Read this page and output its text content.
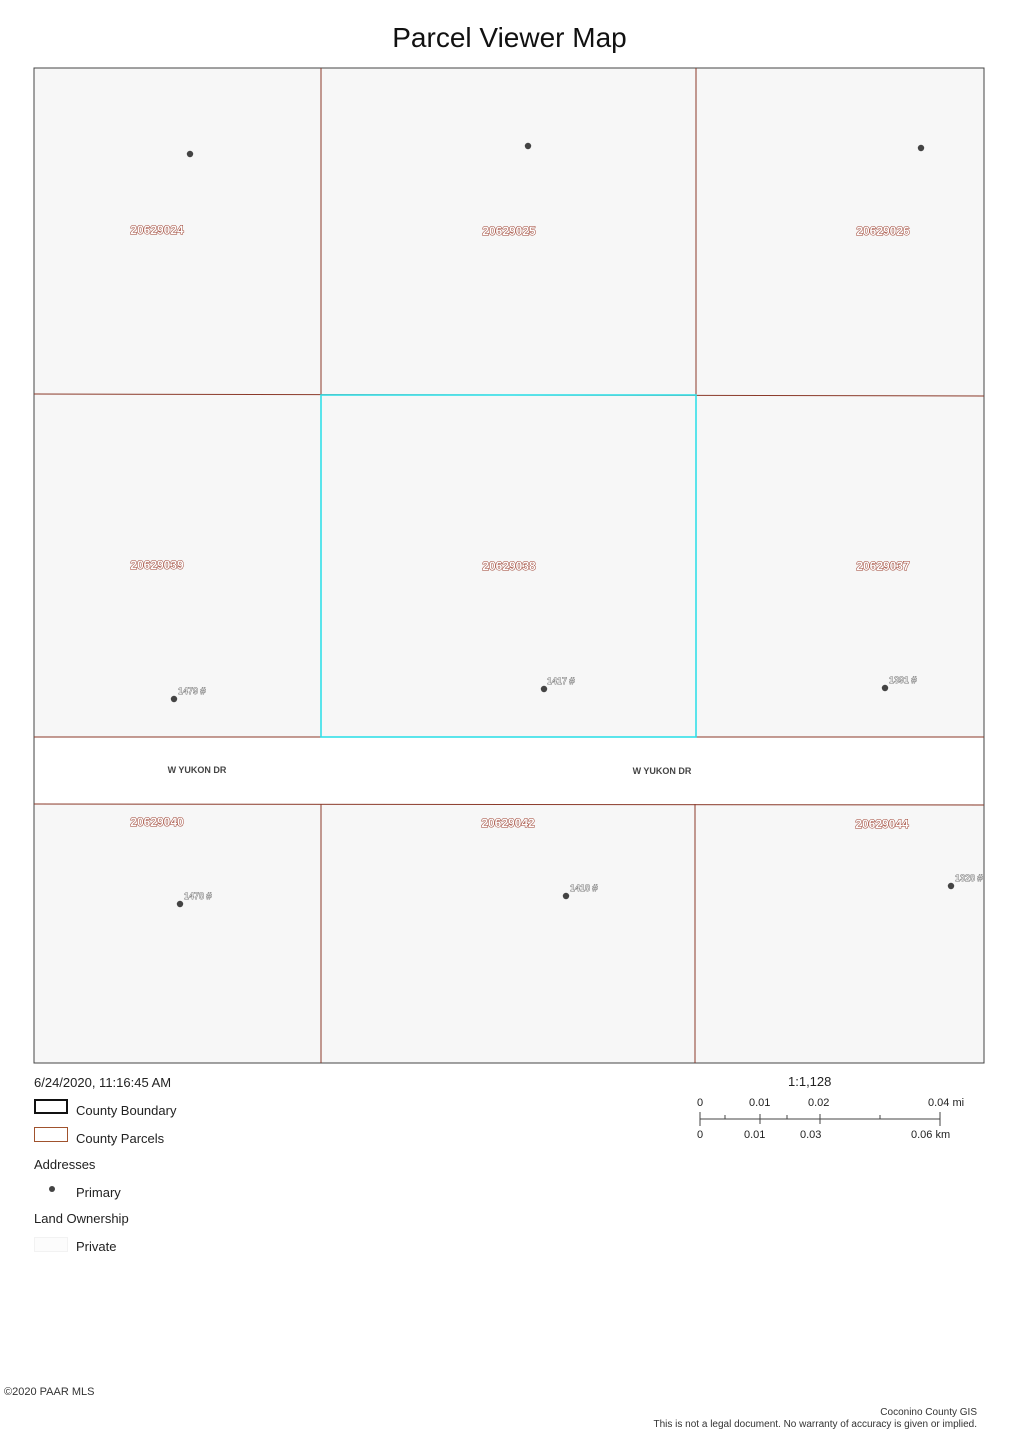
Parcel Viewer Map
20629024	20629025	20629026
20629039	20629038	20629037
20629040	20629042	20629044
1479 #
1417 #	1391 #
1478 #
1418 #
1328 #
W YUKON DR	W YUKON DR
6/24/2020, 11:16:45 AM
County Boundary
County Parcels
Addresses
Primary
Land Ownership
Private
1:1,128
0	0.01	0.02	0.04 mi
0	0.01	0.03	0.06 km
©2020 PAAR MLS
Coconino County GIS
This is not a legal document. No warranty of accuracy is given or implied.
